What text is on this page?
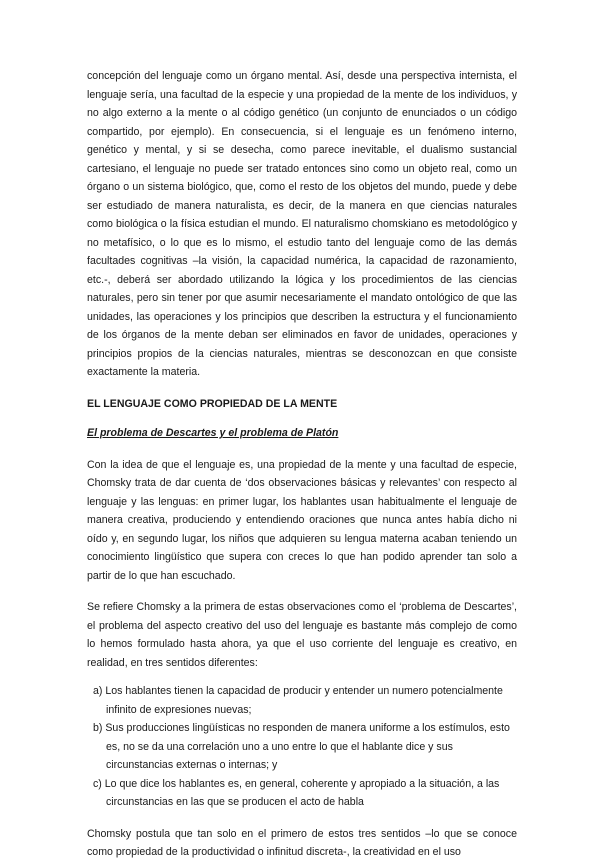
concepción del lenguaje como un órgano mental. Así, desde una perspectiva internista, el lenguaje sería, una facultad de la especie y una propiedad de la mente de los individuos, y no algo externo a la mente o al código genético (un conjunto de enunciados o un código compartido, por ejemplo). En consecuencia, si el lenguaje es un fenómeno interno, genético y mental, y si se desecha, como parece inevitable, el dualismo sustancial cartesiano, el lenguaje no puede ser tratado entonces sino como un objeto real, como un órgano o un sistema biológico, que, como el resto de los objetos del mundo, puede y debe ser estudiado de manera naturalista, es decir, de la manera en que ciencias naturales como biológica o la física estudian el mundo. El naturalismo chomskiano es metodológico y no metafísico, o lo que es lo mismo, el estudio tanto del lenguaje como de las demás facultades cognitivas –la visión, la capacidad numérica, la capacidad de razonamiento, etc.-, deberá ser abordado utilizando la lógica y los procedimientos de las ciencias naturales, pero sin tener por que asumir necesariamente el mandato ontológico de que las unidades, las operaciones y los principios que describen la estructura y el funcionamiento de los órganos de la mente deban ser eliminados en favor de unidades, operaciones y principios propios de la ciencias naturales, mientras se desconozcan en que consiste exactamente la materia.

EL LENGUAJE COMO PROPIEDAD DE LA MENTE
El problema de Descartes y el problema de Platón

Con la idea de que el lenguaje es, una propiedad de la mente y una facultad de especie, Chomsky trata de dar cuenta de ‘dos observaciones básicas y relevantes’ con respecto al lenguaje y las lenguas: en primer lugar, los hablantes usan habitualmente el lenguaje de manera creativa, produciendo y entendiendo oraciones que nunca antes había dicho ni oído y, en segundo lugar, los niños que adquieren su lengua materna acaban teniendo un conocimiento lingüístico que supera con creces lo que han podido aprender tan solo a partir de lo que han escuchado.

Se refiere Chomsky a la primera de estas observaciones como el ‘problema de Descartes’, el problema del aspecto creativo del uso del lenguaje es bastante más complejo de como lo hemos formulado hasta ahora, ya que el uso corriente del lenguaje es creativo, en realidad, en tres sentidos diferentes:

a) Los hablantes tienen la capacidad de producir y entender un numero potencialmente infinito de expresiones nuevas;
b) Sus producciones lingüísticas no responden de manera uniforme a los estímulos, esto es, no se da una correlación uno a uno entre lo que el hablante dice y sus circunstancias externas o internas; y
c) Lo que dice los hablantes es, en general, coherente y apropiado a la situación, a las circunstancias en las que se producen el acto de habla

Chomsky postula que tan solo en el primero de estos tres sentidos –lo que se conoce como propiedad de la productividad o infinitud discreta-, la creatividad en el uso
